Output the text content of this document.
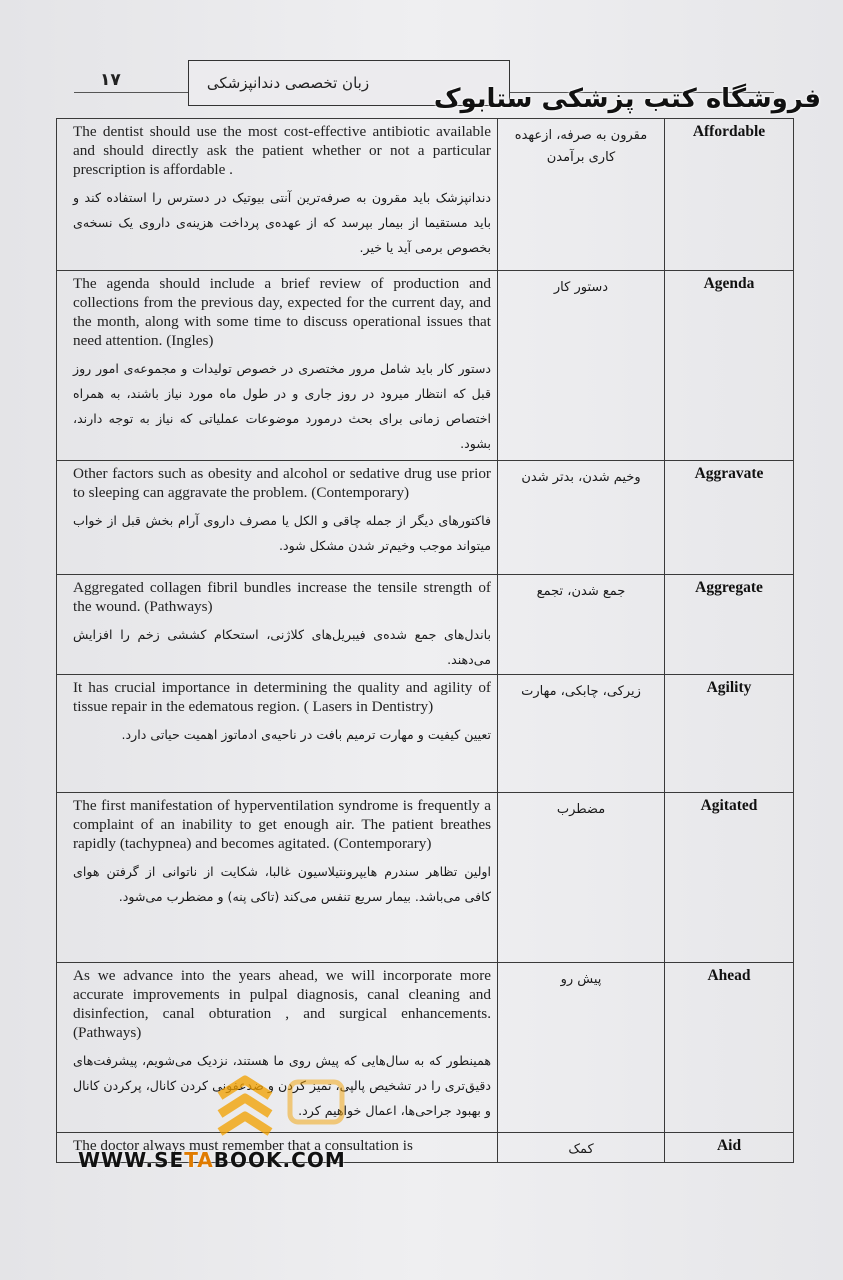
۱۷	زبان تخصصی دندانپزشکی
فروشگاه کتب پزشکی ستابوک

The dentist should use the most cost-effective antibiotic available and should directly ask the patient whether or not a particular prescription is affordable .

دندانپزشک باید مقرون به صرفه‌ترین آنتی بیوتیک در دسترس را استفاده کند و باید مستقیما از بیمار بپرسد که از عهده‌ی پرداخت هزینه‌ی داروی یک نسخه‌ی بخصوص برمی آید یا خیر.	مقرون به صرفه، ازعهده کاری برآمدن	Affordable

The agenda should include a brief review of production and collections from the previous day, expected for the current day, and the month, along with some time to discuss operational issues that need attention. (Ingles)

دستور کار باید شامل مرور مختصری در خصوص تولیدات و مجموعه‌ی امور روز قبل که انتظار میرود در روز جاری و در طول ماه مورد نیاز باشند، به همراه اختصاص زمانی برای بحث درمورد موضوعات عملیاتی که نیاز به توجه دارند، بشود.	دستور کار	Agenda

Other factors such as obesity and alcohol or sedative drug use prior to sleeping can aggravate the problem. (Contemporary)

فاکتورهای دیگر از جمله چاقی و الکل یا مصرف داروی آرام بخش قبل از خواب میتواند موجب وخیم‌تر شدن مشکل شود.	وخیم شدن، بدتر شدن	Aggravate

Aggregated collagen fibril bundles increase the tensile strength of the wound. (Pathways)

باندل‌های جمع شده‌ی فیبریل‌های کلاژنی، استحکام کششی زخم را افزایش می‌دهند.	جمع شدن، تجمع	Aggregate

It has crucial importance in determining the quality and agility of tissue repair in the edematous region. ( Lasers in Dentistry)

تعیین کیفیت و مهارت ترمیم بافت در ناحیه‌ی ادماتوز اهمیت حیاتی دارد.	زیرکی، چابکی، مهارت	Agility

The first manifestation of hyperventilation syndrome is frequently a complaint of an inability to get enough air. The patient breathes rapidly (tachypnea) and becomes agitated. (Contemporary)

اولین تظاهر سندرم هایپرونتیلاسیون غالبا، شکایت از ناتوانی از گرفتن هوای کافی می‌باشد. بیمار سریع تنفس می‌کند (تاکی پنه) و مضطرب می‌شود.	مضطرب	Agitated

As we advance into the years ahead, we will incorporate more accurate improvements in pulpal diagnosis, canal cleaning and disinfection, canal obturation , and surgical enhancements. (Pathways)

همینطور که به سال‌هایی که پیش روی ما هستند، نزدیک می‌شویم، پیشرفت‌های دقیق‌تری را در تشخیص پالپی، تمیز کردن و ضدعفونی کردن کانال، پرکردن کانال و بهبود جراحی‌ها، اعمال خواهیم کرد.	پیش رو	Ahead

The doctor always must remember that a consultation is	کمک	Aid
WWW.SETABOOK.COM
